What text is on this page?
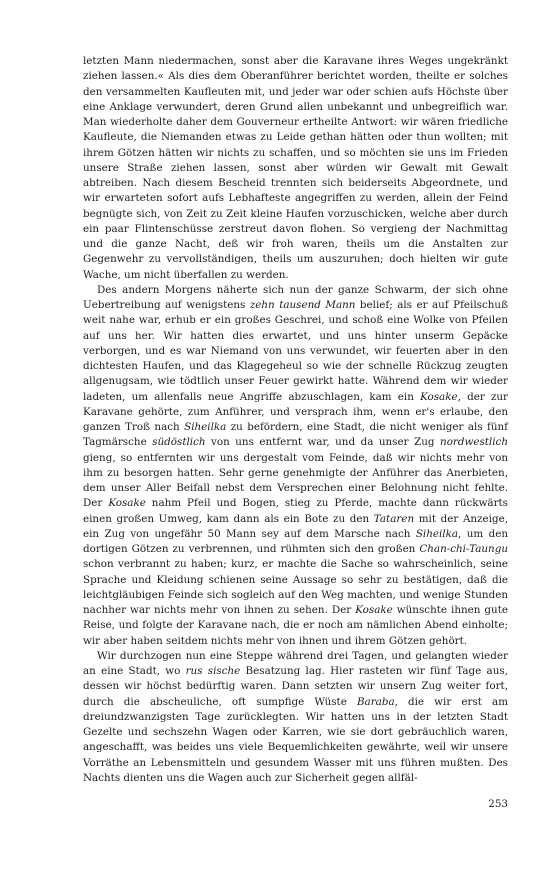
letzten Mann niedermachen, sonst aber die Karavane ihres Weges ungekränkt ziehen lassen.« Als dies dem Oberanführer berichtet worden, theilte er solches den versammelten Kaufleuten mit, und jeder war oder schien aufs Höchste über eine Anklage verwundert, deren Grund allen unbekannt und unbegreiflich war. Man wiederholte daher dem Gouverneur ertheilte Antwort: wir wären friedliche Kaufleute, die Niemanden etwas zu Leide gethan hätten oder thun wollten; mit ihrem Götzen hätten wir nichts zu schaffen, und so möchten sie uns im Frieden unsere Straße ziehen lassen, sonst aber würden wir Gewalt mit Gewalt abtreiben. Nach diesem Bescheid trennten sich beiderseits Abgeordnete, und wir erwarteten sofort aufs Lebhafteste angegriffen zu werden, allein der Feind begnügte sich, von Zeit zu Zeit kleine Haufen vorzuschicken, welche aber durch ein paar Flintenschüsse zerstreut davon flohen. So vergieng der Nachmittag und die ganze Nacht, deß wir froh waren, theils um die Anstalten zur Gegenwehr zu vervollständigen, theils um auszuruhen; doch hielten wir gute Wache, um nicht überfallen zu werden.

Des andern Morgens näherte sich nun der ganze Schwarm, der sich ohne Uebertreibung auf wenigstens zehn tausend Mann belief; als er auf Pfeilschuß weit nahe war, erhub er ein großes Geschrei, und schoß eine Wolke von Pfeilen auf uns her. Wir hatten dies erwartet, und uns hinter unserm Gepäcke verborgen, und es war Niemand von uns verwundet, wir feuerten aber in den dichtesten Haufen, und das Klagegeheul so wie der schnelle Rückzug zeugten allgenugsam, wie tödtlich unser Feuer gewirkt hatte. Während dem wir wieder ladeten, um allenfalls neue Angriffe abzuschlagen, kam ein Kosake, der zur Karavane gehörte, zum Anführer, und versprach ihm, wenn er's erlaube, den ganzen Troß nach Siheilka zu befördern, eine Stadt, die nicht weniger als fünf Tagmärsche südöstlich von uns entfernt war, und da unser Zug nordwestlich gieng, so entfernten wir uns dergestalt vom Feinde, daß wir nichts mehr von ihm zu besorgen hatten. Sehr gerne genehmigte der Anführer das Anerbieten, dem unser Aller Beifall nebst dem Versprechen einer Belohnung nicht fehlte. Der Kosake nahm Pfeil und Bogen, stieg zu Pferde, machte dann rückwärts einen großen Umweg, kam dann als ein Bote zu den Tataren mit der Anzeige, ein Zug von ungefähr 50 Mann sey auf dem Marsche nach Siheilka, um den dortigen Götzen zu verbrennen, und rühmten sich den großen Chan-chi-Taungu schon verbrannt zu haben; kurz, er machte die Sache so wahrscheinlich, seine Sprache und Kleidung schienen seine Aussage so sehr zu bestätigen, daß die leichtgläubigen Feinde sich sogleich auf den Weg machten, und wenige Stunden nachher war nichts mehr von ihnen zu sehen. Der Kosake wünschte ihnen gute Reise, und folgte der Karavane nach, die er noch am nämlichen Abend einholte; wir aber haben seitdem nichts mehr von ihnen und ihrem Götzen gehört.

Wir durchzogen nun eine Steppe während drei Tagen, und gelangten wieder an eine Stadt, wo rus sische Besatzung lag. Hier rasteten wir fünf Tage aus, dessen wir höchst bedürftig waren. Dann setzten wir unsern Zug weiter fort, durch die abscheuliche, oft sumpfige Wüste Baraba, die wir erst am dreiundzwanzigsten Tage zurücklegten. Wir hatten uns in der letzten Stadt Gezelte und sechszehn Wagen oder Karren, wie sie dort gebräuchlich waren, angeschafft, was beides uns viele Bequemlichkeiten gewährte, weil wir unsere Vorräthe an Lebensmitteln und gesundem Wasser mit uns führen mußten. Des Nachts dienten uns die Wagen auch zur Sicherheit gegen allfäl-

253
